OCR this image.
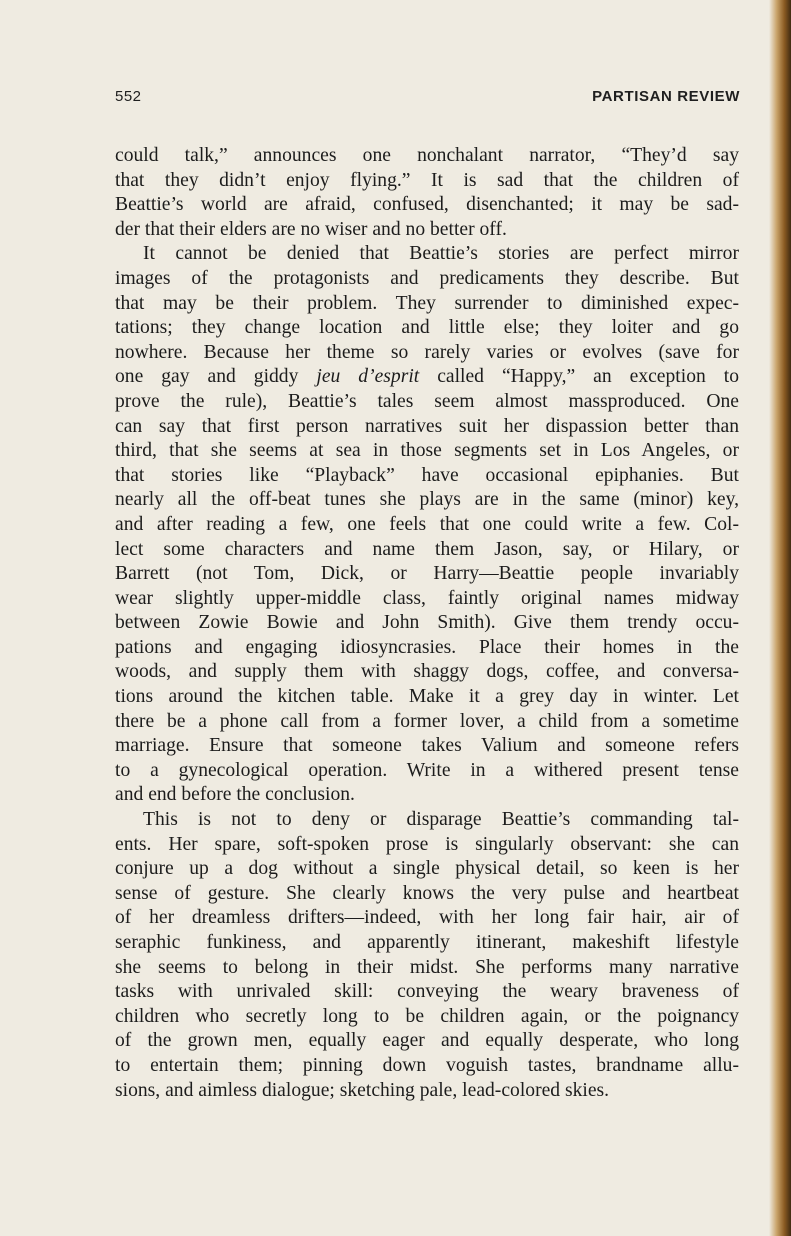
552	PARTISAN REVIEW

could talk,” announces one nonchalant narrator, “They’d say
that they didn’t enjoy flying.” It is sad that the children of
Beattie’s world are afraid, confused, disenchanted; it may be sad-
der that their elders are no wiser and no better off.

It cannot be denied that Beattie’s stories are perfect mirror
images of the protagonists and predicaments they describe. But
that may be their problem. They surrender to diminished expec-
tations; they change location and little else; they loiter and go
nowhere. Because her theme so rarely varies or evolves (save for
one gay and giddy jeu d’esprit called “Happy,” an exception to
prove the rule), Beattie’s tales seem almost massproduced. One
can say that first person narratives suit her dispassion better than
third, that she seems at sea in those segments set in Los Angeles, or
that stories like “Playback” have occasional epiphanies. But
nearly all the off-beat tunes she plays are in the same (minor) key,
and after reading a few, one feels that one could write a few. Col-
lect some characters and name them Jason, say, or Hilary, or
Barrett (not Tom, Dick, or Harry—Beattie people invariably
wear slightly upper-middle class, faintly original names midway
between Zowie Bowie and John Smith). Give them trendy occu-
pations and engaging idiosyncrasies. Place their homes in the
woods, and supply them with shaggy dogs, coffee, and conversa-
tions around the kitchen table. Make it a grey day in winter. Let
there be a phone call from a former lover, a child from a sometime
marriage. Ensure that someone takes Valium and someone refers
to a gynecological operation. Write in a withered present tense
and end before the conclusion.

This is not to deny or disparage Beattie’s commanding tal-
ents. Her spare, soft-spoken prose is singularly observant: she can
conjure up a dog without a single physical detail, so keen is her
sense of gesture. She clearly knows the very pulse and heartbeat
of her dreamless drifters—indeed, with her long fair hair, air of
seraphic funkiness, and apparently itinerant, makeshift lifestyle
she seems to belong in their midst. She performs many narrative
tasks with unrivaled skill: conveying the weary braveness of
children who secretly long to be children again, or the poignancy
of the grown men, equally eager and equally desperate, who long
to entertain them; pinning down voguish tastes, brandname allu-
sions, and aimless dialogue; sketching pale, lead-colored skies.
